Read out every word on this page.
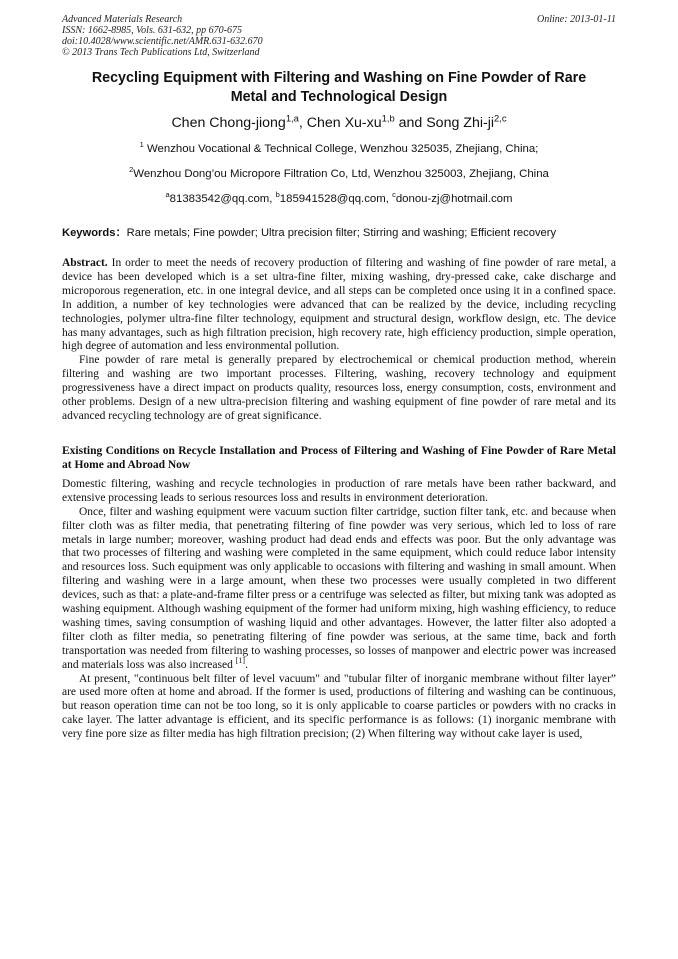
Advanced Materials Research	Online: 2013-01-11
ISSN: 1662-8985, Vols. 631-632, pp 670-675
doi:10.4028/www.scientific.net/AMR.631-632.670
© 2013 Trans Tech Publications Ltd, Switzerland
Recycling Equipment with Filtering and Washing on Fine Powder of Rare
Metal and Technological Design
Chen Chong-jiong$^{1,a}$, Chen Xu-xu$^{1,b}$ and Song Zhi-ji$^{2,c}$
$^1$ Wenzhou Vocational & Technical College, Wenzhou 325035, Zhejiang, China;
$^2$Wenzhou Dong’ou Micropore Filtration Co, Ltd, Wenzhou 325003, Zhejiang, China
$^a$81383542@qq.com, $^b$185941528@qq.com, $^c$donou-zj@hotmail.com
Keywords：Rare metals; Fine powder; Ultra precision filter; Stirring and washing; Efficient recovery

Abstract. In order to meet the needs of recovery production of filtering and washing of fine powder of rare metal, a device has been developed which is a set ultra-fine filter, mixing washing, dry-pressed cake, cake discharge and microporous regeneration, etc. in one integral device, and all steps can be completed once using it in a confined space. In addition, a number of key technologies were advanced that can be realized by the device, including recycling technologies, polymer ultra-fine filter technology, equipment and structural design, workflow design, etc. The device has many advantages, such as high filtration precision, high recovery rate, high efficiency production, simple operation, high degree of automation and less environmental pollution.

Fine powder of rare metal is generally prepared by electrochemical or chemical production method, wherein filtering and washing are two important processes. Filtering, washing, recovery technology and equipment progressiveness have a direct impact on products quality, resources loss, energy consumption, costs, environment and other problems. Design of a new ultra-precision filtering and washing equipment of fine powder of rare metal and its advanced recycling technology are of great significance.

Existing Conditions on Recycle Installation and Process of Filtering and Washing of Fine Powder of Rare Metal at Home and Abroad Now

Domestic filtering, washing and recycle technologies in production of rare metals have been rather backward, and extensive processing leads to serious resources loss and results in environment deterioration.

Once, filter and washing equipment were vacuum suction filter cartridge, suction filter tank, etc. and because when filter cloth was as filter media, that penetrating filtering of fine powder was very serious, which led to loss of rare metals in large number; moreover, washing product had dead ends and effects was poor. But the only advantage was that two processes of filtering and washing were completed in the same equipment, which could reduce labor intensity and resources loss. Such equipment was only applicable to occasions with filtering and washing in small amount. When filtering and washing were in a large amount, when these two processes were usually completed in two different devices, such as that: a plate-and-frame filter press or a centrifuge was selected as filter, but mixing tank was adopted as washing equipment. Although washing equipment of the former had uniform mixing, high washing efficiency, to reduce washing times, saving consumption of washing liquid and other advantages. However, the latter filter also adopted a filter cloth as filter media, so penetrating filtering of fine powder was serious, at the same time, back and forth transportation was needed from filtering to washing processes, so losses of manpower and electric power was increased and materials loss was also increased [1].

At present, "continuous belt filter of level vacuum" and "tubular filter of inorganic membrane without filter layer” are used more often at home and abroad. If the former is used, productions of filtering and washing can be continuous, but reason operation time can not be too long, so it is only applicable to coarse particles or powders with no cracks in cake layer. The latter advantage is efficient, and its specific performance is as follows: (1) inorganic membrane with very fine pore size as filter media has high filtration precision; (2) When filtering way without cake layer is used,
